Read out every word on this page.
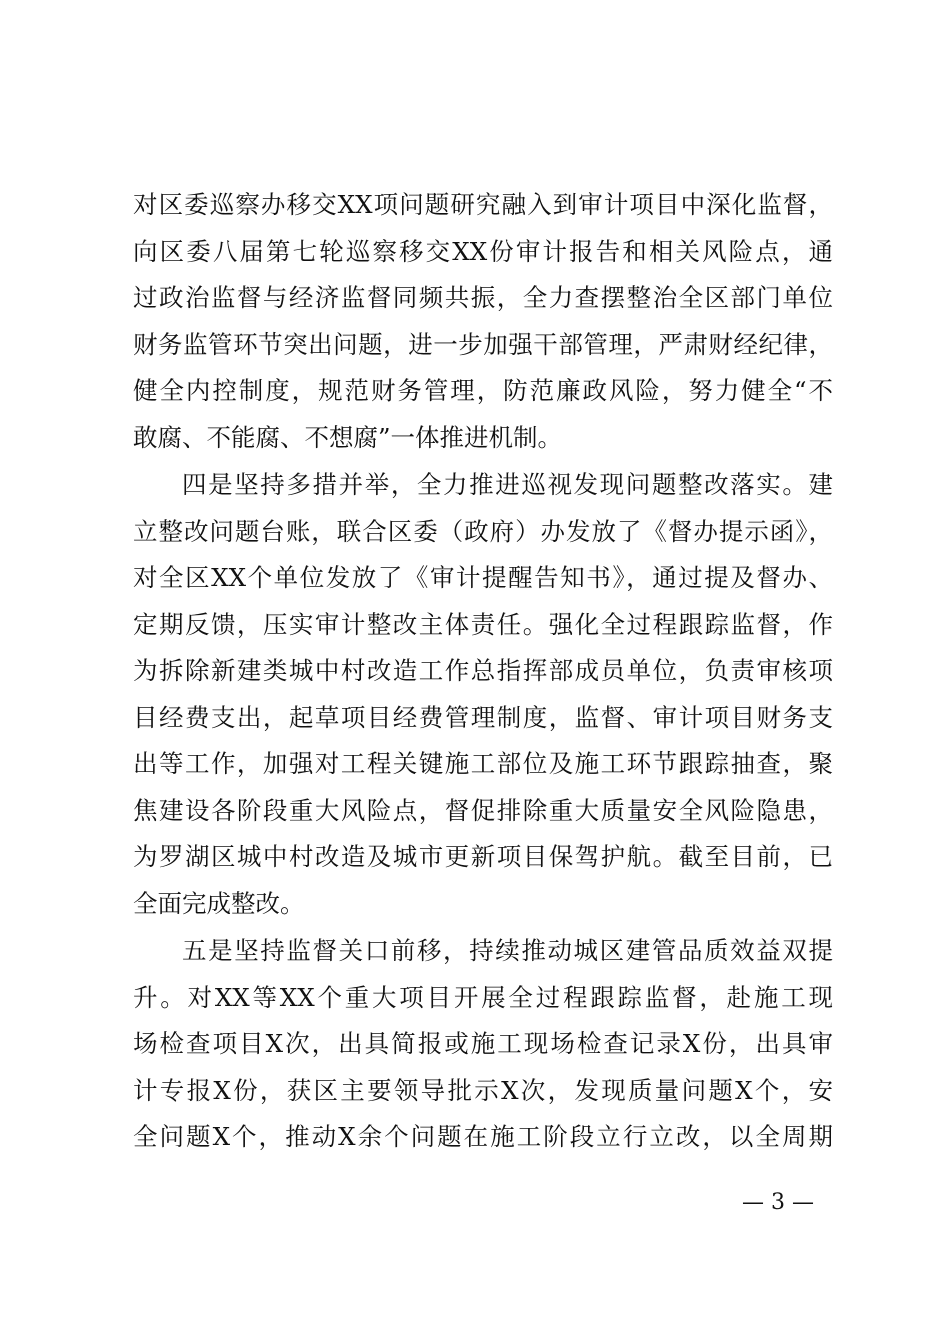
对区委巡察办移交XX项问题研究融入到审计项目中深化监督，
向区委八届第七轮巡察移交XX份审计报告和相关风险点，通
过政治监督与经济监督同频共振，全力查摆整治全区部门单位
财务监管环节突出问题，进一步加强干部管理，严肃财经纪律，
健全内控制度，规范财务管理，防范廉政风险，努力健全“不
敢腐、不能腐、不想腐”一体推进机制。
四是坚持多措并举，全力推进巡视发现问题整改落实。建
立整改问题台账，联合区委（政府）办发放了《督办提示函》，
对全区XX个单位发放了《审计提醒告知书》，通过提及督办、
定期反馈，压实审计整改主体责任。强化全过程跟踪监督，作
为拆除新建类城中村改造工作总指挥部成员单位，负责审核项
目经费支出，起草项目经费管理制度，监督、审计项目财务支
出等工作，加强对工程关键施工部位及施工环节跟踪抽查，聚
焦建设各阶段重大风险点，督促排除重大质量安全风险隐患，
为罗湖区城中村改造及城市更新项目保驾护航。截至目前，已
全面完成整改。
五是坚持监督关口前移，持续推动城区建管品质效益双提
升。对XX等XX个重大项目开展全过程跟踪监督，赴施工现
场检查项目X次，出具简报或施工现场检查记录X份，出具审
计专报X份，获区主要领导批示X次，发现质量问题X个，安
全问题X个，推动X余个问题在施工阶段立行立改，以全周期
— 3 —
